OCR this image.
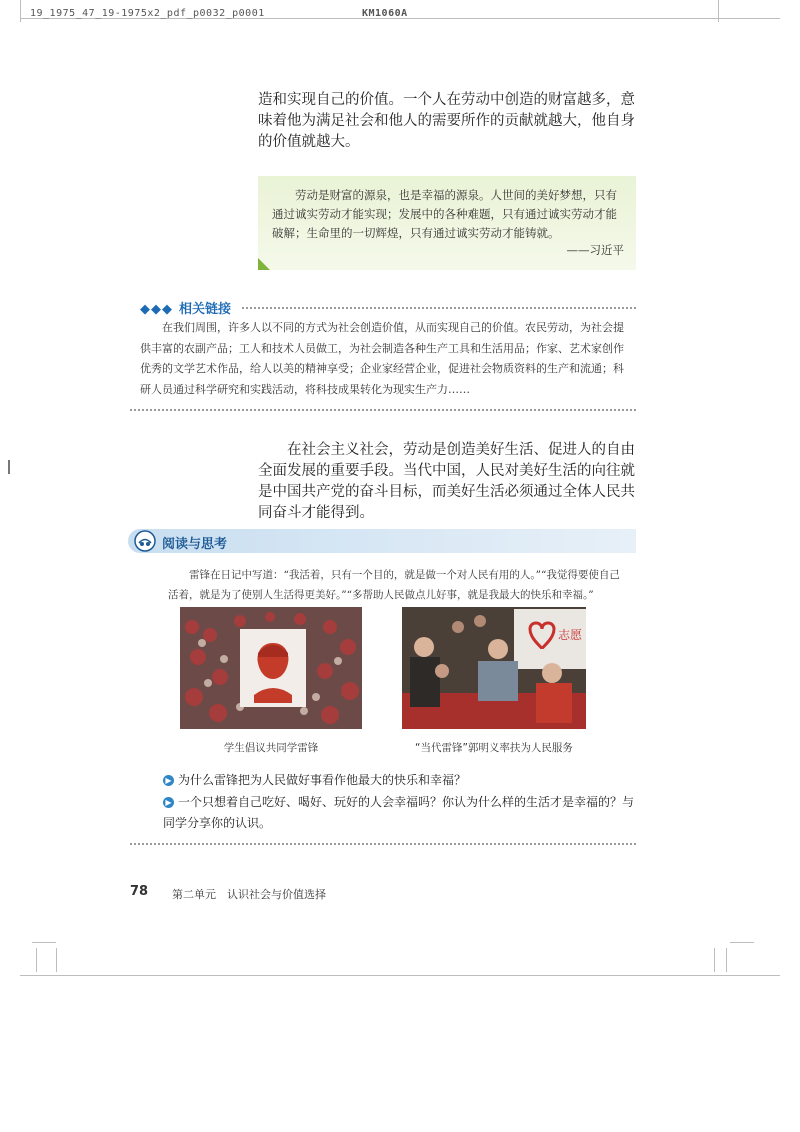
19_1975_47_19-1975x2_pdf_p0032_p0001	KM1060A

造和实现自己的价值。一个人在劳动中创造的财富越多，意味着他为满足社会和他人的需要所作的贡献就越大，他自身的价值就越大。

劳动是财富的源泉，也是幸福的源泉。人世间的美好梦想，只有通过诚实劳动才能实现；发展中的各种难题，只有通过诚实劳动才能破解；生命里的一切辉煌，只有通过诚实劳动才能铸就。

——习近平
◆◆◆ 相关链接

在我们周围，许多人以不同的方式为社会创造价值，从而实现自己的价值。农民劳动，为社会提供丰富的农副产品；工人和技术人员做工，为社会制造各种生产工具和生活用品；作家、艺术家创作优秀的文学艺术作品，给人以美的精神享受；企业家经营企业，促进社会物质资料的生产和流通；科研人员通过科学研究和实践活动，将科技成果转化为现实生产力……

在社会主义社会，劳动是创造美好生活、促进人的自由全面发展的重要手段。当代中国，人民对美好生活的向往就是中国共产党的奋斗目标，而美好生活必须通过全体人民共同奋斗才能得到。

阅读与思考

雷锋在日记中写道：“我活着，只有一个目的，就是做一个对人民有用的人。”“我觉得要使自己活着，就是为了使别人生活得更美好。”“多帮助人民做点儿好事，就是我最大的快乐和幸福。”

学生倡议共同学雷锋
志愿
“当代雷锋”郭明义率扶为人民服务

▶ 为什么雷锋把为人民做好事看作他最大的快乐和幸福？

▶ 一个只想着自己吃好、喝好、玩好的人会幸福吗？你认为什么样的生活才是幸福的？与同学分享你的认识。

78 第二单元　认识社会与价值选择
